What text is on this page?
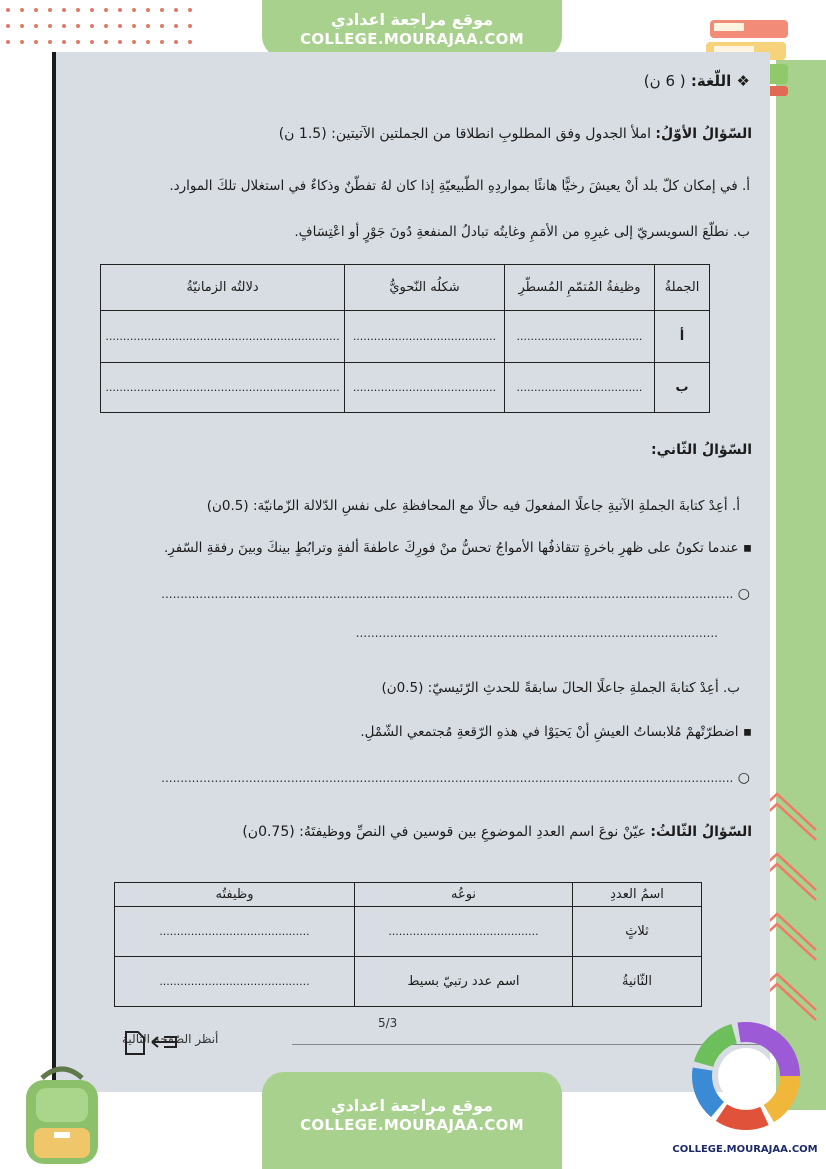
موقع مراجعة اعدادي
COLLEGE.MOURAJAA.COM
❖ اللّغة: ( 6 ن)
السّؤالُ الأوّلُ: املأ الجدول وفق المطلوبِ انطلاقا من الجملتين الآتيتين: (1.5 ن)
أ. في إمكان كلّ بلد أنْ يعيشَ رخيًّا هانئًا بمواردِهِ الطّبيعيّةِ إذا كان لهُ تفطّنٌ وذكاءٌ في استغلال تلكَ الموارد.
ب. نطلّعَ السويسريّ إلى غيرِهِ من الأمَمِ وغايتُه تبادلُ المنفعةِ دُونَ جَوْرٍ أو اعْتِسَافٍ.
الجملةُ	وظيفةُ المُتمّمِ المُسطّرِ	شكلُه النّحويُّ	دلالتُه الزمانيّةُ
أ	....................................	.........................................	...................................................................
ب	....................................	.........................................	...................................................................
السّؤالُ الثّاني:
أ. أعِدْ كتابةَ الجملةِ الآتيةِ جاعلًا المفعولَ فيه حالًا مع المحافظةِ على نفسِ الدّلالة الزّمانيّة: (0.5ن)
▪ عندما تكونُ على ظهرِ باخرةٍ تتقاذفُها الأمواجُ تحسُّ منْ فورِكَ عاطفةَ ألفةٍ وترابُطٍ بينكَ وبينَ رفقةِ السّفرِ.
○ ......................................................................................................................................................
...............................................................................................
ب. أعِدْ كتابةَ الجملةِ جاعلًا الحالَ سابقةً للحدثِ الرّئيسيّ: (0.5ن)
▪ اضطرّتْهمْ مُلابساتُ العيشِ أنْ يَحيَوْا في هذهِ الرّقعةِ مُجتمعي الشّمْلِ.
○ ......................................................................................................................................................
السّؤالُ الثّالثُ: عيّنْ نوعَ اسم العددِ الموضوعِ بين قوسين في النصِّ ووظيفتَهُ: (0.75ن)
اسمُ العددِ	نوعُه	وظيفتُه
ثلاثٍ	...........................................	...........................................
الثّانيةُ	اسم عدد رتبيّ بسيط	...........................................
5/3
أنظر الصّفحة التالية
موقع مراجعة اعدادي
COLLEGE.MOURAJAA.COM
COLLEGE.MOURAJAA.COM
